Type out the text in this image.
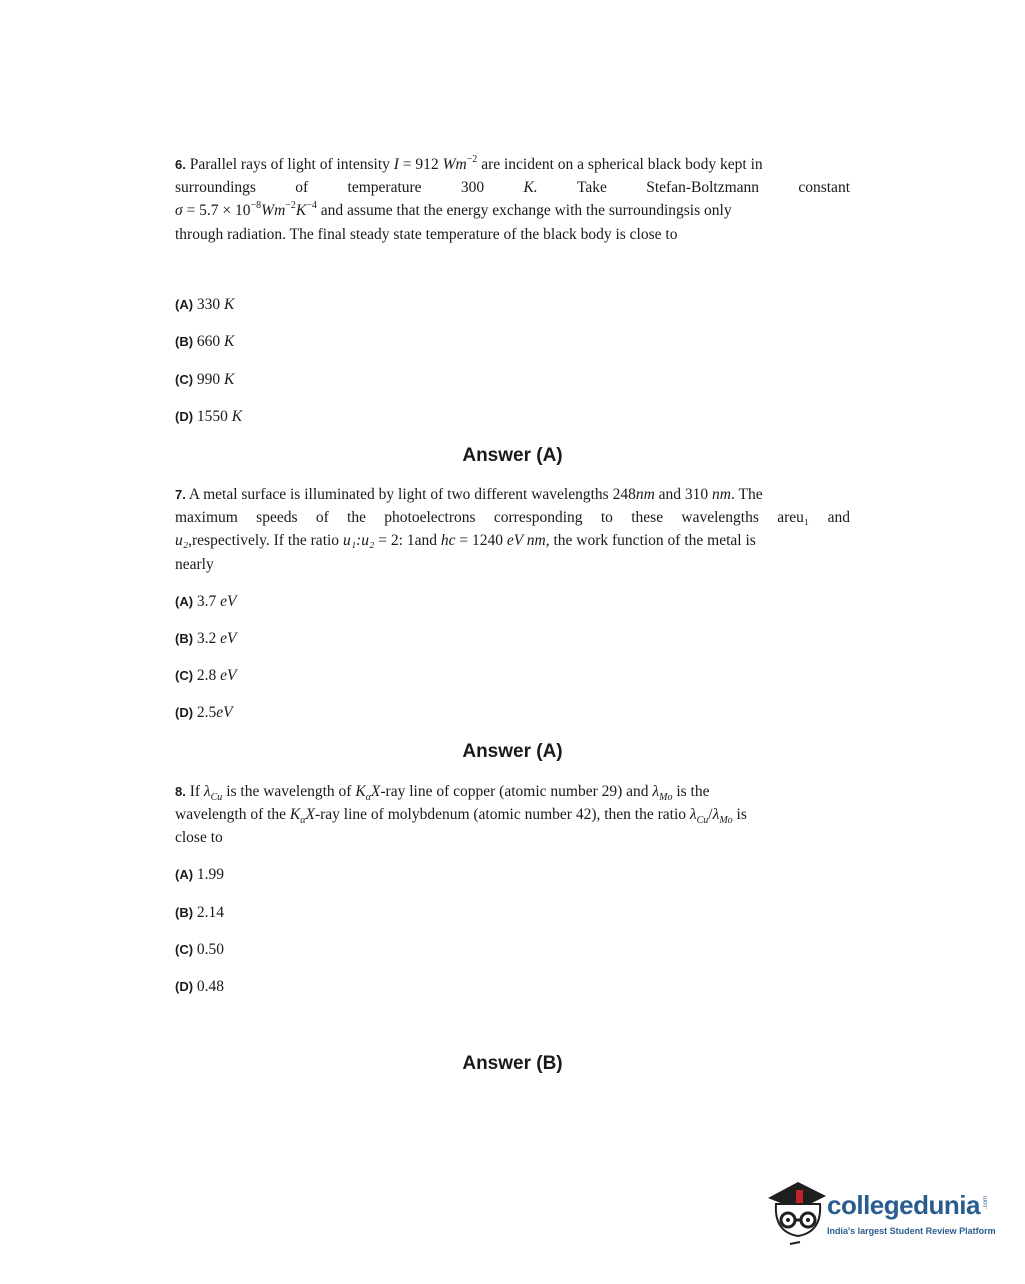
6. Parallel rays of light of intensity I = 912 $Wm^{-2}$ are incident on a spherical black body kept in
surroundings	of	temperature	300	K.	Take	Stefan-Boltzmann	constant
$\sigma = 5.7 \times 10^{-8}Wm^{-2}K^{-4}$ and assume that the energy exchange with the surroundingsis only
through radiation. The final steady state temperature of the black body is close to
(A) 330 K
(B) 660 K
(C) 990 K
(D) 1550 K
Answer (A)
7. A metal surface is illuminated by light of two different wavelengths 248nm and 310 nm. The
maximum speeds of the photoelectrons corresponding to these wavelengths areu₁ and
u₂,respectively. If the ratio u₁:u₂ = 2: 1and hc = 1240 eV nm, the work function of the metal is
nearly
(A) 3.7 eV
(B) 3.2 eV
(C) 2.8 eV
(D) 2.5eV
Answer (A)
8. If $\lambda_{Cu}$ is the wavelength of $K_\alpha X$-ray line of copper (atomic number 29) and $\lambda_{Mo}$ is the
wavelength of the $K_\alpha X$-ray line of molybdenum (atomic number 42), then the ratio $\lambda_{Cu}/\lambda_{Mo}$ is
close to
(A) 1.99
(B) 2.14
(C) 0.50
(D) 0.48
Answer (B)
collegedunia .com
India's largest Student Review Platform
